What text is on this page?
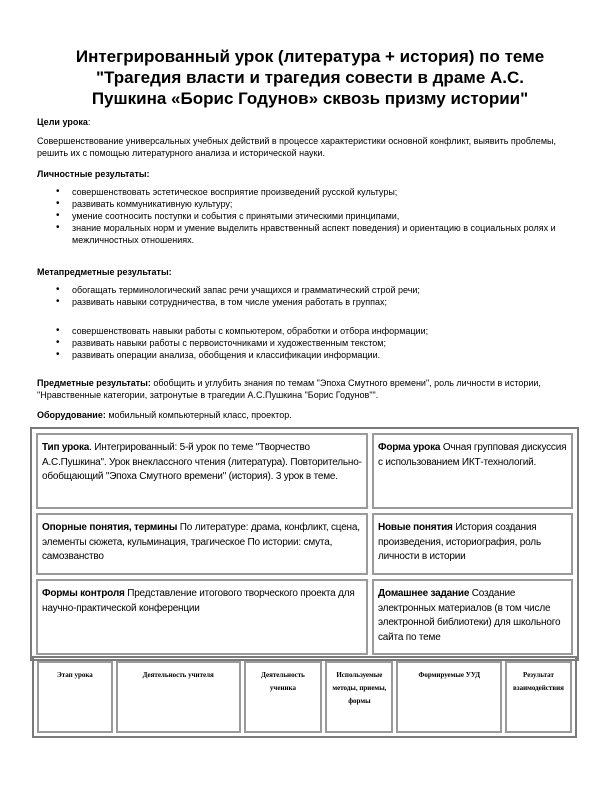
Интегрированный урок (литература + история) по теме
"Трагедия власти и трагедия совести в драме А.С.
Пушкина «Борис Годунов» сквозь призму истории"
Цели урока:
Совершенствование универсальных учебных действий в процессе характеристики основной конфликт, выявить проблемы, решить их с помощью литературного анализа и исторической науки.
Личностные результаты:
• совершенствовать эстетическое восприятие произведений русской культуры;
• развивать коммуникативную культуру;
• умение соотносить поступки и события с принятыми этическими принципами,
• знание моральных норм и умение выделить нравственный аспект поведения) и ориентацию в социальных ролях и межличностных отношениях.
Метапредметные результаты:
• обогащать терминологический запас речи учащихся и грамматический строй речи;
• развивать навыки сотрудничества, в том числе умения работать в группах;
• совершенствовать навыки работы с компьютером, обработки и отбора информации;
• развивать навыки работы с первоисточниками и художественным текстом;
• развивать операции анализа, обобщения и классификации информации.
Предметные результаты: обобщить и углубить знания по темам "Эпоха Смутного времени", роль личности в истории, "Нравственные категории, затронутые в трагедии А.С.Пушкина "Борис Годунов"".
Оборудование: мобильный компьютерный класс, проектор.
Тип урока. Интегрированный: 5-й урок по теме "Творчество А.С.Пушкина". Урок внеклассного чтения (литература). Повторительно-обобщающий "Эпоха Смутного времени" (история). 3 урок в теме.	Форма урока Очная групповая дискуссия с использованием ИКТ-технологий.
Опорные понятия, термины По литературе: драма, конфликт, сцена, элементы сюжета, кульминация, трагическое По истории: смута, самозванство	Новые понятия История создания произведения, историография, роль личности в истории
Формы контроля Представление итогового творческого проекта для научно-практической конференции	Домашнее задание Создание электронных материалов (в том числе электронной библиотеки) для школьного сайта по теме
Этап урока	Деятельность учителя	Деятельность ученика	Используемые методы, приемы, формы	Формируемые УУД	Результат взаимодействия
